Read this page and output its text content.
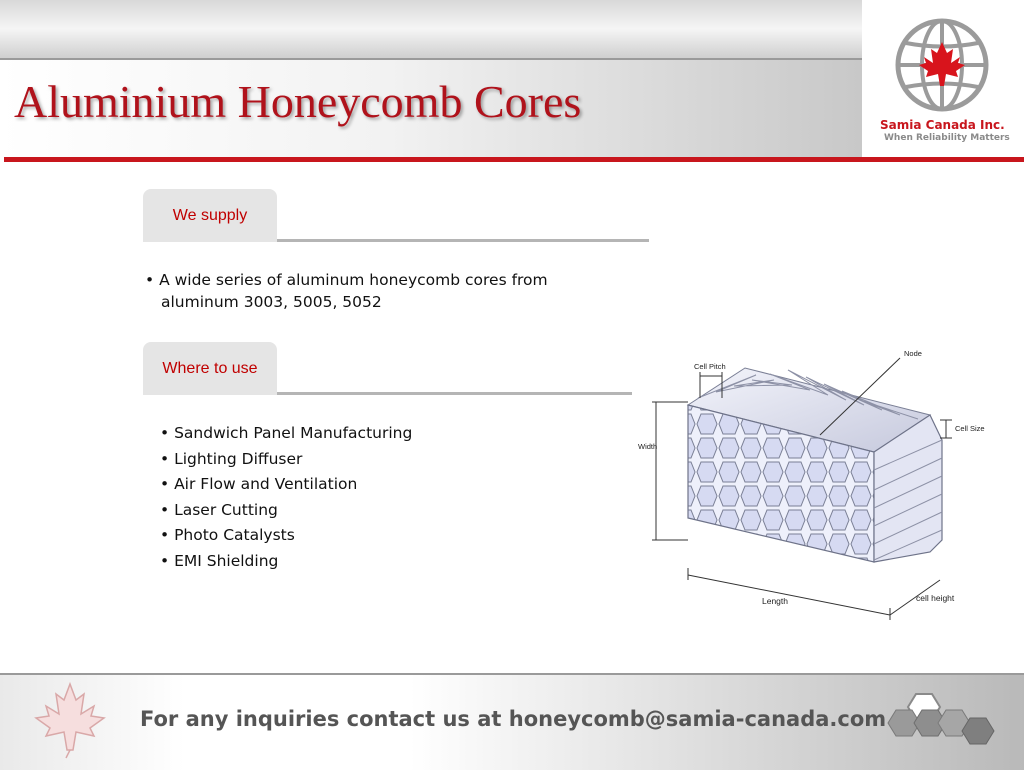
Aluminium Honeycomb Cores	Samia Canada Inc.
When Reliability Matters
We supply
• A wide series of aluminum honeycomb cores from
aluminum 3003, 5005, 5052
Where to use
• Sandwich Panel Manufacturing
• Lighting Diffuser
• Air Flow and Ventilation
• Laser Cutting
• Photo Catalysts
• EMI Shielding
Node
Cell Pitch
Cell Size
Width
Length	cell height
For any inquiries contact us at honeycomb@samia-canada.com
